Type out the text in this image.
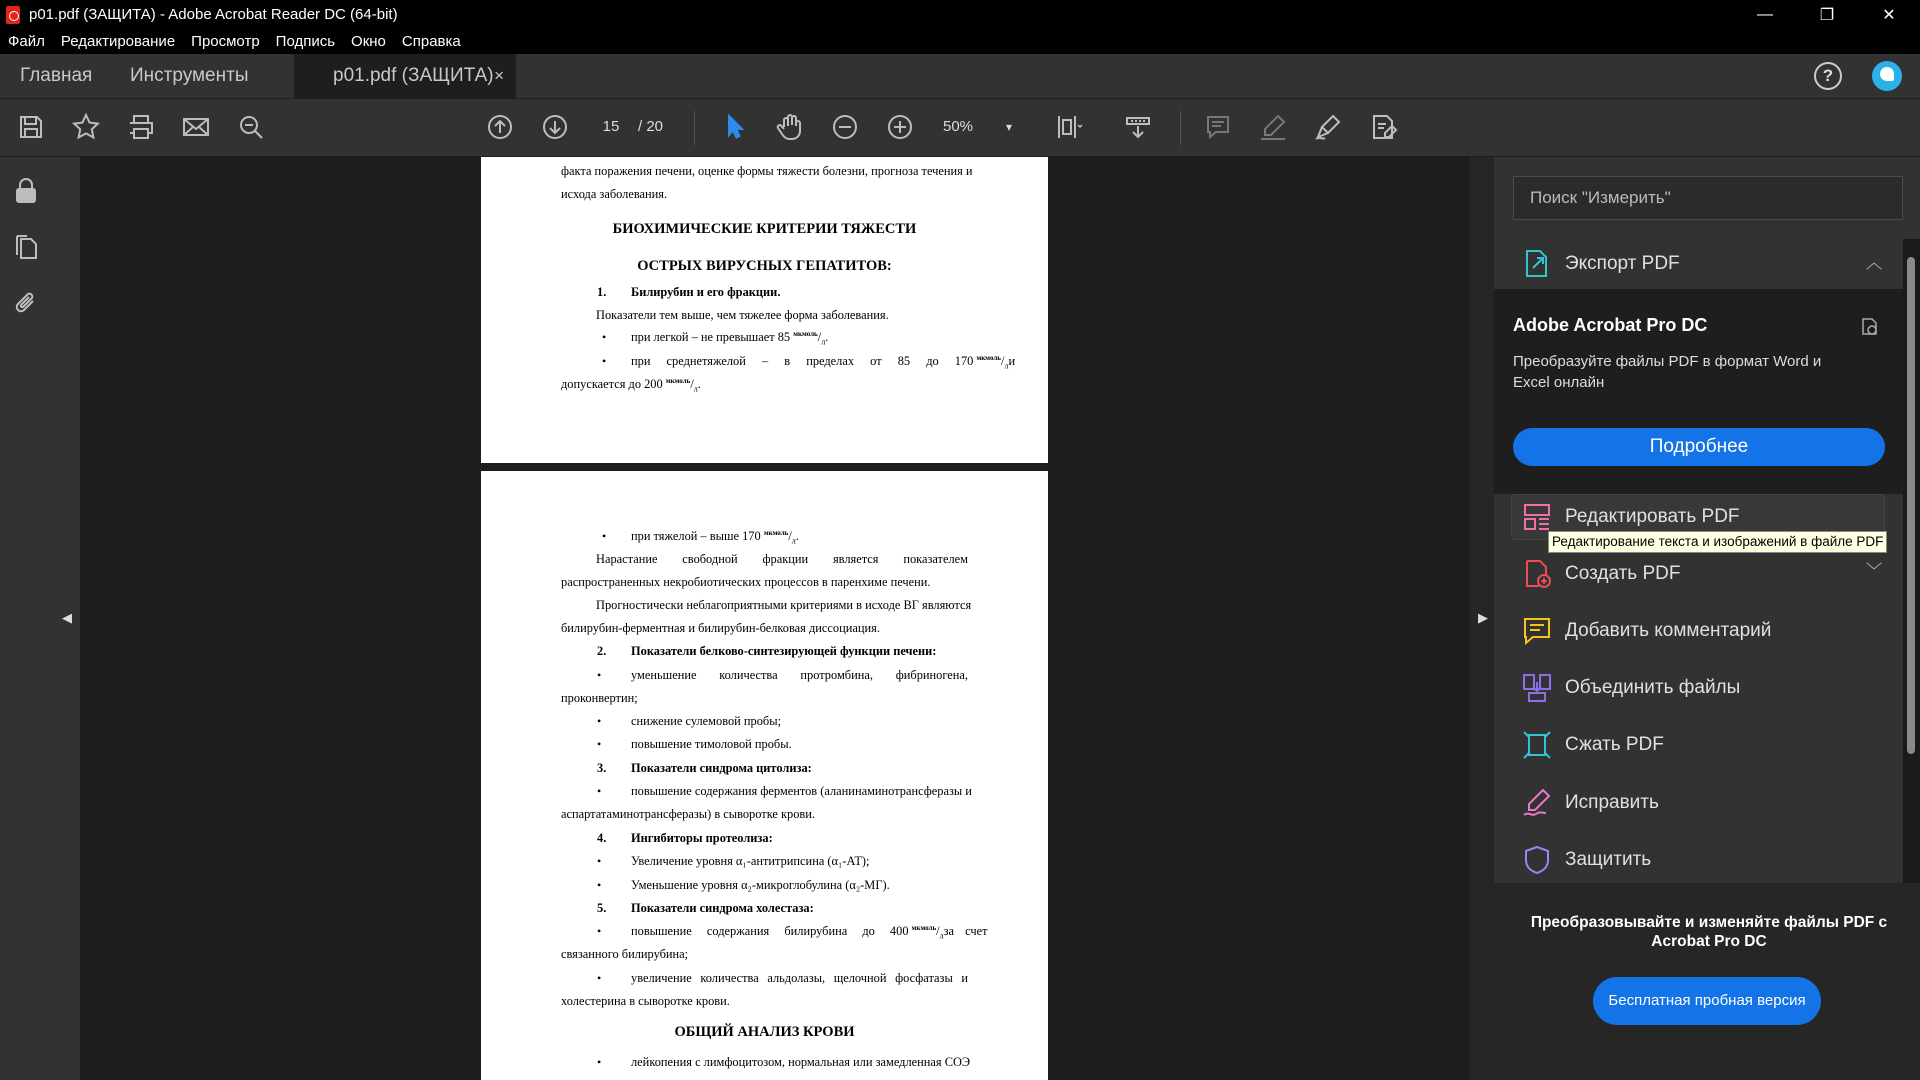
p01.pdf (ЗАЩИТА) - Adobe Acrobat Reader DC (64-bit)	—	❐	✕
Файл Редактирование Просмотр Подпись Окно Справка
Главная	Инструменты	p01.pdf (ЗАЩИТА) ×	?
15	/ 20	50%	▾
◀
факта поражения печени, оценке формы тяжести болезни, прогноза течения и
исхода заболевания.
БИОХИМИЧЕСКИЕ КРИТЕРИИ ТЯЖЕСТИ
ОСТРЫХ ВИРУСНЫХ ГЕПАТИТОВ:
1. Билирубин и его фракции.
Показатели тем выше, чем тяжелее форма заболевания.
• при легкой – не превышает 85 $^{мкмоль}/_л$.
• при среднетяжелой – в пределах от 85 до 170 $^{мкмоль}/_л$ и
допускается до 200 $^{мкмоль}/_л$.
• при тяжелой – выше 170 $^{мкмоль}/_л$.
Нарастание свободной фракции является показателем
распространенных некробиотических процессов в паренхиме печени.
Прогностически неблагоприятными критериями в исходе ВГ являются
билирубин-ферментная и билирубин-белковая диссоциация.
2. Показатели белково-синтезирующей функции печени:
• уменьшение количества протромбина, фибриногена,
проконвертин;
• снижение сулемовой пробы;
• повышение тимоловой пробы.
3. Показатели синдрома цитолиза:
• повышение содержания ферментов (аланинаминотрансферазы и
аспартатаминотрансферазы) в сыворотке крови.
4. Ингибиторы протеолиза:
• Увеличение уровня α₁-антитрипсина (α₁-АТ);
• Уменьшение уровня α₂-микроглобулина (α₂-МГ).
5. Показатели синдрома холестаза:
• повышение содержания билирубина до 400 $^{мкмоль}/_л$ за счет
связанного билирубина;
• увеличение количества альдолазы, щелочной фосфатазы и
холестерина в сыворотке крови.
ОБЩИЙ АНАЛИЗ КРОВИ
• лейкопения с лимфоцитозом, нормальная или замедленная СОЭ
▶
Поиск "Измерить"
Экспорт PDF	︿
Adobe Acrobat Pro DC
Преобразуйте файлы PDF в формат Word и Excel онлайн
Подробнее
Редактировать PDF
Редактирование текста и изображений в файле PDF
Создать PDF	﹀
Добавить комментарий
Объединить файлы
Сжать PDF
Исправить
Защитить
Преобразовывайте и изменяйте файлы PDF с Acrobat Pro DC
Бесплатная пробная версия
